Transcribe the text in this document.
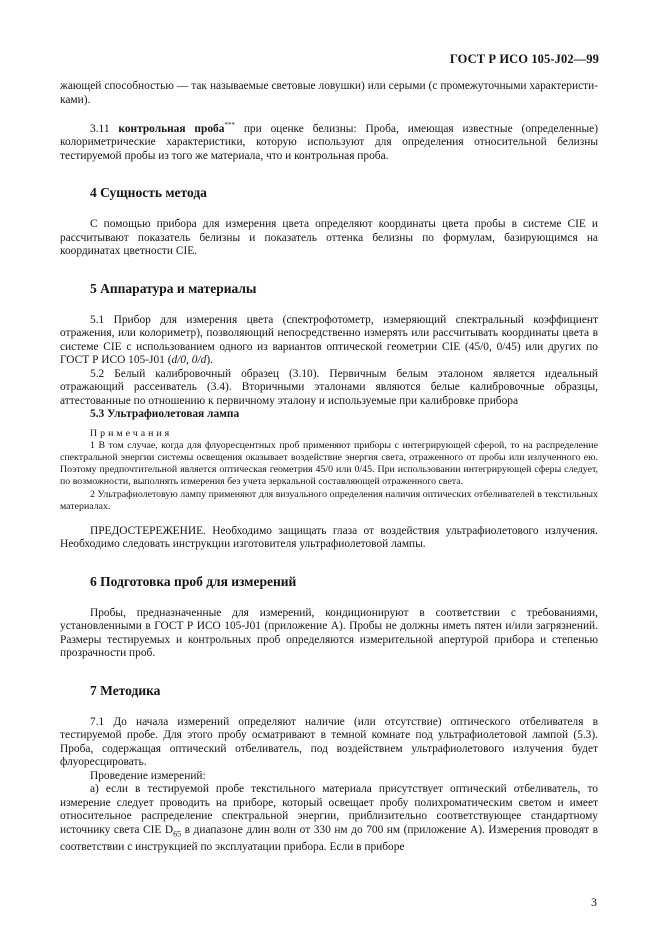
ГОСТ Р ИСО 105-J02—99

жающей способностью — так называемые световые ловушки) или серыми (с промежуточными характеристи-ками).

3.11 контрольная проба*** при оценке белизны: Проба, имеющая известные (определенные) колориметрические характеристики, которую используют для определения относительной белизны тестируемой пробы из того же материала, что и контрольная проба.

4 Сущность метода

С помощью прибора для измерения цвета определяют координаты цвета пробы в системе CIE и рассчитывают показатель белизны и показатель оттенка белизны по формулам, базирующимся на координатах цветности CIE.

5 Аппаратура и материалы

5.1 Прибор для измерения цвета (спектрофотометр, измеряющий спектральный коэффициент отражения, или колориметр), позволяющий непосредственно измерять или рассчитывать координаты цвета в системе CIE с использованием одного из вариантов оптической геометрии CIE (45/0, 0/45) или других по ГОСТ Р ИСО 105-J01 (d/0, 0/d).

5.2 Белый калибровочный образец (3.10). Первичным белым эталоном является идеальный отражающий рассеиватель (3.4). Вторичными эталонами являются белые калибровочные образцы, аттестованные по отношению к первичному эталону и используемые при калибровке прибора

5.3 Ультрафиолетовая лампа

Примечания

1 В том случае, когда для флуоресцентных проб применяют приборы с интегрирующей сферой, то на распределение спектральной энергии системы освещения оказывает воздействие энергия света, отраженного от пробы или излученного ею. Поэтому предпочтительной является оптическая геометрия 45/0 или 0/45. При использовании интегрирующей сферы следует, по возможности, выполнять измерения без учета зеркальной составляющей отраженного света.

2 Ультрафиолетовую лампу применяют для визуального определения наличия оптических отбеливателей в текстильных материалах.

ПРЕДОСТЕРЕЖЕНИЕ. Необходимо защищать глаза от воздействия ультрафиолетового излучения. Необходимо следовать инструкции изготовителя ультрафиолетовой лампы.

6 Подготовка проб для измерений

Пробы, предназначенные для измерений, кондиционируют в соответствии с требованиями, установленными в ГОСТ Р ИСО 105-J01 (приложение А). Пробы не должны иметь пятен и/или загрязнений. Размеры тестируемых и контрольных проб определяются измерительной апертурой прибора и степенью прозрачности проб.

7 Методика

7.1 До начала измерений определяют наличие (или отсутствие) оптического отбеливателя в тестируемой пробе. Для этого пробу осматривают в темной комнате под ультрафиолетовой лампой (5.3). Проба, содержащая оптический отбеливатель, под воздействием ультрафиолетового излучения будет флуоресцировать.

Проведение измерений:

а) если в тестируемой пробе текстильного материала присутствует оптический отбеливатель, то измерение следует проводить на приборе, который освещает пробу полихроматическим светом и имеет относительное распределение спектральной энергии, приблизительно соответствующее стандартному источнику света CIE $D_{65}$ в диапазоне длин волн от 330 нм до 700 нм (приложение А). Измерения проводят в соответствии с инструкцией по эксплуатации прибора. Если в приборе

3
